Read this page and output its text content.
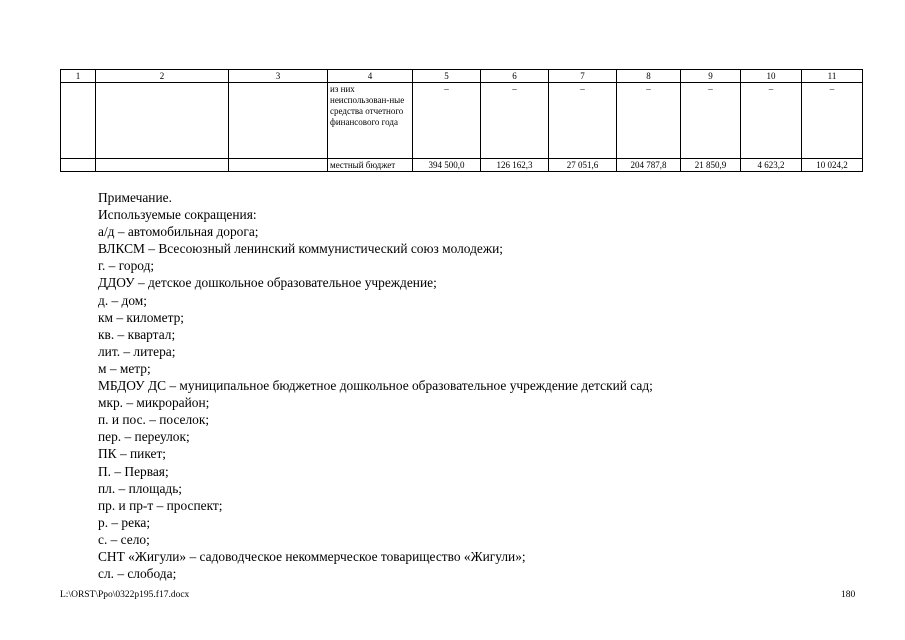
1	2	3	4	5	6	7	8	9	10	11
			из них неиспользован-ные средства отчетного финансового года	–	–	–	–	–	–	–
			местный бюджет	394 500,0	126 162,3	27 051,6	204 787,8	21 850,9	4 623,2	10 024,2
Примечание.
Используемые сокращения:
а/д – автомобильная дорога;
ВЛКСМ – Всесоюзный ленинский коммунистический союз молодежи;
г. – город;
ДДОУ – детское дошкольное образовательное учреждение;
д. – дом;
км – километр;
кв. – квартал;
лит. – литера;
м – метр;
МБДОУ ДС – муниципальное бюджетное дошкольное образовательное учреждение детский сад;
мкр. – микрорайон;
п. и пос. – поселок;
пер. – переулок;
ПК – пикет;
П. – Первая;
пл. – площадь;
пр. и пр-т – проспект;
р. – река;
с. – село;
СНТ «Жигули» – садоводческое некоммерческое товарищество «Жигули»;
сл. – слобода;
L:\ORST\Ppo\0322p195.f17.docx	180
